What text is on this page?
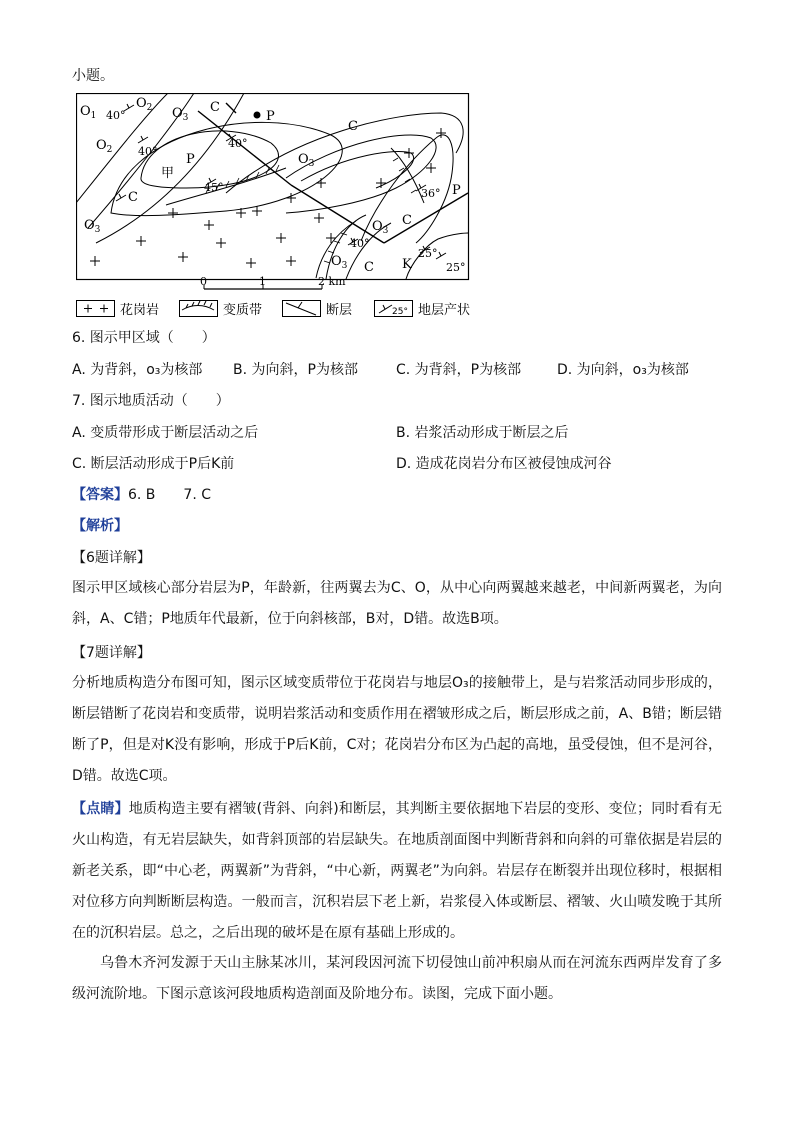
小题。
$O_1$
$O_2$ $O_3$
C
P
C
$O_2$
P
甲
C
$O_3$
$O_3$
C
P
$O_3$
$O_3$ C K
40°
40°
40°
45°	36°
40°
25°
25°
0	1	2 km
花岗岩	变质带	断层	25° 地层产状
6. 图示甲区域（　　）
A. 为背斜，o₃为核部 B. 为向斜，P为核部	C. 为背斜，P为核部	D. 为向斜，o₃为核部
7. 图示地质活动（　　）
A. 变质带形成于断层活动之后	B. 岩浆活动形成于断层之后
C. 断层活动形成于P后K前	D. 造成花岗岩分布区被侵蚀成河谷
【答案】6. B　　7. C
【解析】
【6题详解】
图示甲区域核心部分岩层为P，年龄新，往两翼去为C、O，从中心向两翼越来越老，中间新两翼老，为向斜，A、C错；P地质年代最新，位于向斜核部，B对，D错。故选B项。
【7题详解】
分析地质构造分布图可知，图示区域变质带位于花岗岩与地层O₃的接触带上，是与岩浆活动同步形成的，断层错断了花岗岩和变质带，说明岩浆活动和变质作用在褶皱形成之后，断层形成之前，A、B错；断层错断了P，但是对K没有影响，形成于P后K前，C对；花岗岩分布区为凸起的高地，虽受侵蚀，但不是河谷，D错。故选C项。
【点睛】地质构造主要有褶皱(背斜、向斜)和断层，其判断主要依据地下岩层的变形、变位；同时看有无火山构造，有无岩层缺失，如背斜顶部的岩层缺失。在地质剖面图中判断背斜和向斜的可靠依据是岩层的新老关系，即“中心老，两翼新”为背斜，“中心新，两翼老”为向斜。岩层存在断裂并出现位移时，根据相对位移方向判断断层构造。一般而言，沉积岩层下老上新，岩浆侵入体或断层、褶皱、火山喷发晚于其所在的沉积岩层。总之，之后出现的破坏是在原有基础上形成的。
乌鲁木齐河发源于天山主脉某冰川，某河段因河流下切侵蚀山前冲积扇从而在河流东西两岸发育了多级河流阶地。下图示意该河段地质构造剖面及阶地分布。读图，完成下面小题。
